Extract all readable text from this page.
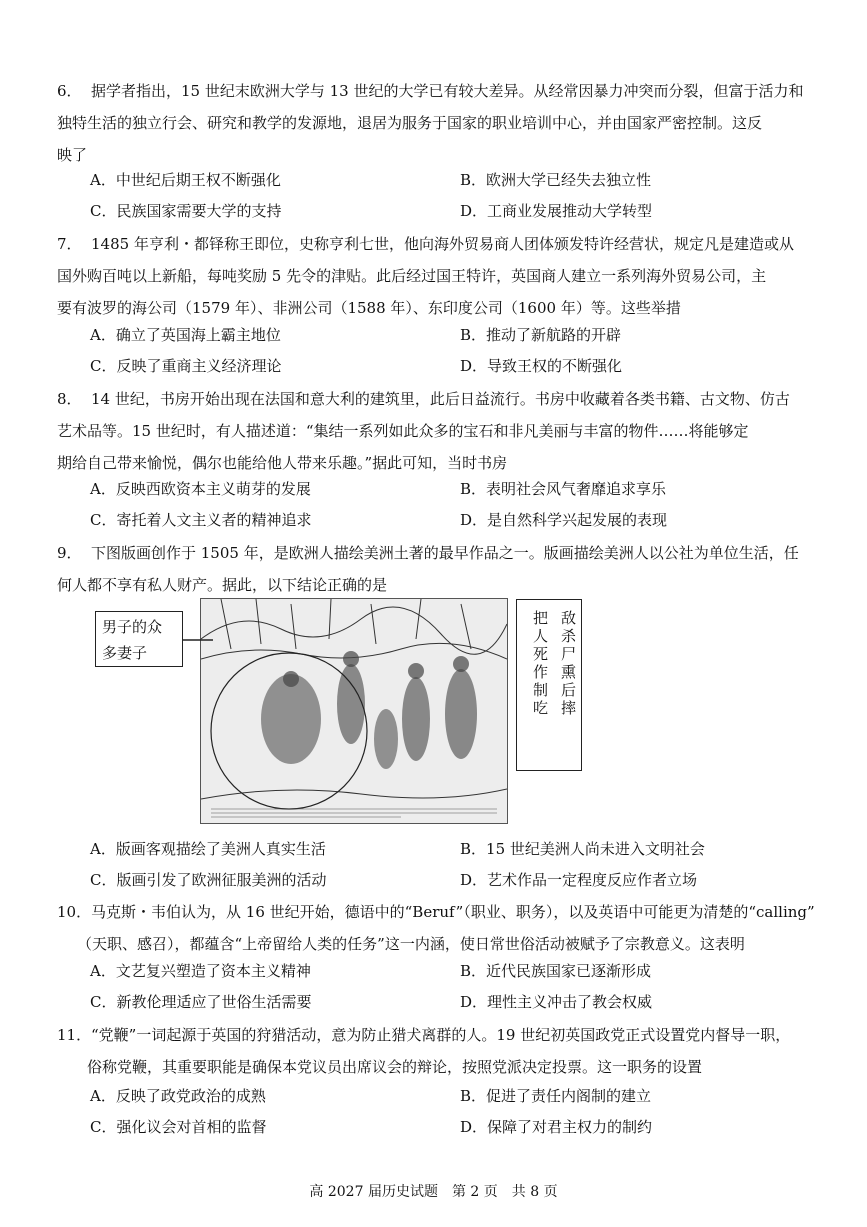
6． 据学者指出，15 世纪末欧洲大学与 13 世纪的大学已有较大差异。从经常因暴力冲突而分裂，但富于活力和
独特生活的独立行会、研究和教学的发源地，退居为服务于国家的职业培训中心，并由国家严密控制。这反
映了
A．中世纪后期王权不断强化	B．欧洲大学已经失去独立性
C．民族国家需要大学的支持	D．工商业发展推动大学转型
7． 1485 年亨利・都铎称王即位，史称亨利七世，他向海外贸易商人团体颁发特许经营状，规定凡是建造或从
国外购百吨以上新船，每吨奖励 5 先令的津贴。此后经过国王特许，英国商人建立一系列海外贸易公司，主
要有波罗的海公司（1579 年）、非洲公司（1588 年）、东印度公司（1600 年）等。这些举措
A．确立了英国海上霸主地位	B．推动了新航路的开辟
C．反映了重商主义经济理论	D．导致王权的不断强化
8． 14 世纪，书房开始出现在法国和意大利的建筑里，此后日益流行。书房中收藏着各类书籍、古文物、仿古
艺术品等。15 世纪时，有人描述道：“集结一系列如此众多的宝石和非凡美丽与丰富的物件……将能够定
期给自己带来愉悦，偶尔也能给他人带来乐趣。”据此可知，当时书房
A．反映西欧资本主义萌芽的发展	B．表明社会风气奢靡追求享乐
C．寄托着人文主义者的精神追求	D．是自然科学兴起发展的表现
9． 下图版画创作于 1505 年，是欧洲人描绘美洲土著的最早作品之一。版画描绘美洲人以公社为单位生活，任
何人都不享有私人财产。据此，以下结论正确的是
男子的众
多妻子	敌杀尸熏后摔
把人死作制吃
A．版画客观描绘了美洲人真实生活	B．15 世纪美洲人尚未进入文明社会
C．版画引发了欧洲征服美洲的活动	D．艺术作品一定程度反应作者立场
10． 马克斯・韦伯认为，从 16 世纪开始，德语中的“Beruf”（职业、职务），以及英语中可能更为清楚的“calling”
（天职、感召），都蕴含“上帝留给人类的任务”这一内涵，使日常世俗活动被赋予了宗教意义。这表明
A．文艺复兴塑造了资本主义精神	B．近代民族国家已逐渐形成
C．新教伦理适应了世俗生活需要	D．理性主义冲击了教会权威
11． “党鞭”一词起源于英国的狩猎活动，意为防止猎犬离群的人。19 世纪初英国政党正式设置党内督导一职，
俗称党鞭，其重要职能是确保本党议员出席议会的辩论，按照党派决定投票。这一职务的设置
A．反映了政党政治的成熟	B．促进了责任内阁制的建立
C．强化议会对首相的监督	D．保障了对君主权力的制约
高 2027 届历史试题　第 2 页　共 8 页
